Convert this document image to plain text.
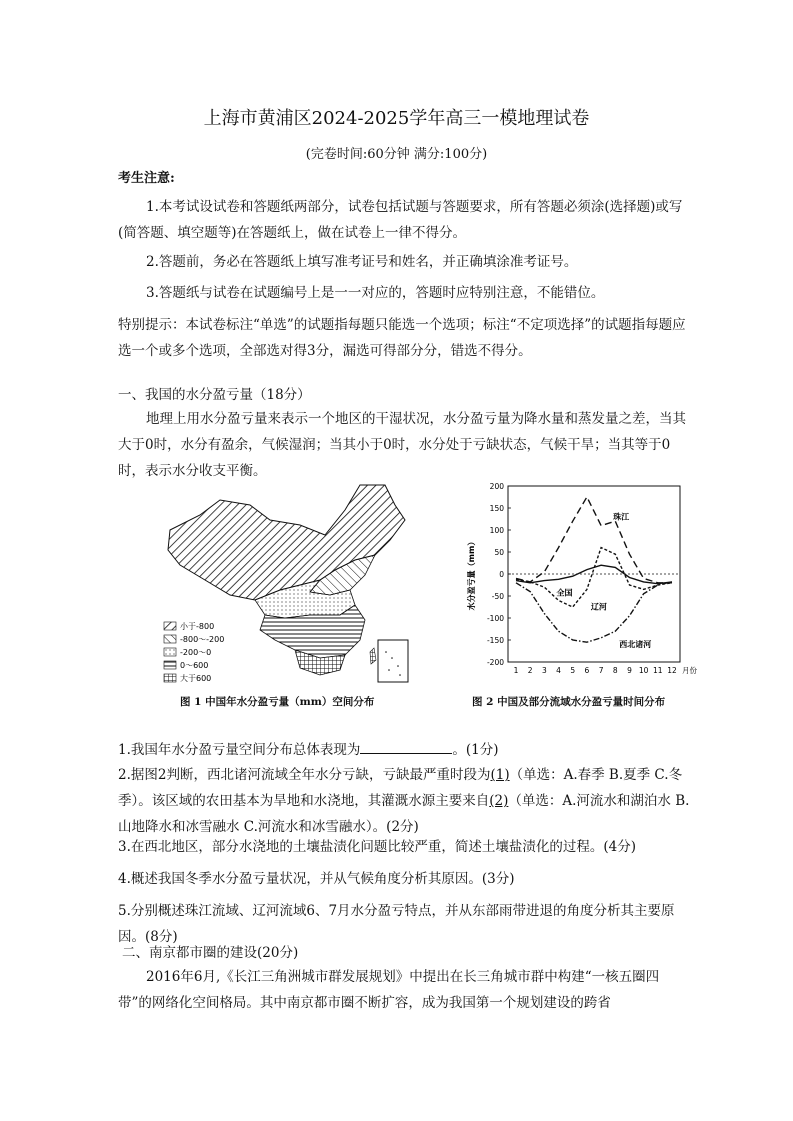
上海市黄浦区2024-2025学年高三一模地理试卷
(完卷时间:60分钟 满分:100分)
考生注意:
1.本考试设试卷和答题纸两部分，试卷包括试题与答题要求，所有答题必须涂(选择题)或写(简答题、填空题等)在答题纸上，做在试卷上一律不得分。
2.答题前，务必在答题纸上填写准考证号和姓名，并正确填涂准考证号。
3.答题纸与试卷在试题编号上是一一对应的，答题时应特别注意，不能错位。
特别提示：本试卷标注“单选”的试题指每题只能选一个选项；标注“不定项选择”的试题指每题应选一个或多个选项，全部选对得3分，漏选可得部分分，错选不得分。
一、我国的水分盈亏量（18分）
地理上用水分盈亏量来表示一个地区的干湿状况，水分盈亏量为降水量和蒸发量之差，当其大于0时，水分有盈余，气候湿润；当其小于0时，水分处于亏缺状态，气候干旱；当其等于0时，表示水分收支平衡。
小于-800
-800～-200
-200～0
0～600
大于600
图 1 中国年水分盈亏量（mm）空间分布
-200
-150
-100
-50
0
50
100
150
200
1 2 3 4 5 6 7 8 9 10 11 12 月份
水分盈亏量（mm）
珠江
全国
辽河
西北诸河
图 2 中国及部分流域水分盈亏量时间分布
1.我国年水分盈亏量空间分布总体表现为	。(1分)
2.据图2判断，西北诸河流域全年水分亏缺，亏缺最严重时段为(1)（单选：A.春季 B.夏季 C.冬季）。该区域的农田基本为旱地和水浇地，其灌溉水源主要来自(2)（单选：A.河流水和湖泊水 B.山地降水和冰雪融水 C.河流水和冰雪融水）。(2分)
3.在西北地区，部分水浇地的土壤盐渍化问题比较严重，简述土壤盐渍化的过程。(4分)
4.概述我国冬季水分盈亏量状况，并从气候角度分析其原因。(3分)
5.分别概述珠江流域、辽河流域6、7月水分盈亏特点，并从东部雨带进退的角度分析其主要原因。(8分)
二、南京都市圈的建设(20分)
2016年6月,《长江三角洲城市群发展规划》中提出在长三角城市群中构建“一核五圈四带”的网络化空间格局。其中南京都市圈不断扩容，成为我国第一个规划建设的跨省
